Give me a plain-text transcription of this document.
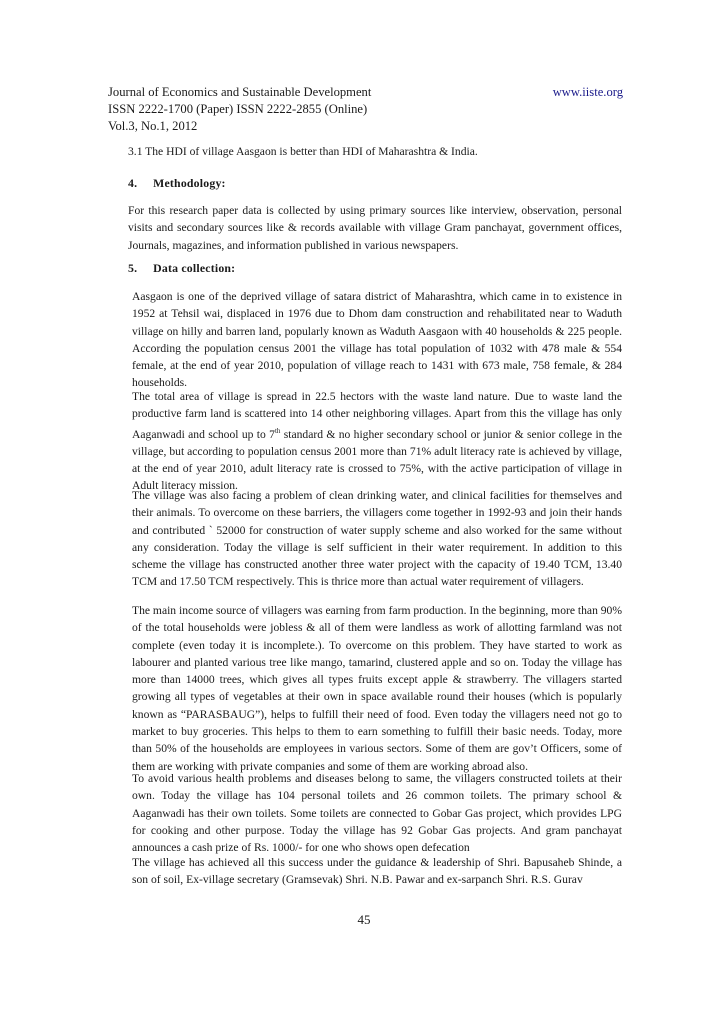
Journal of Economics and Sustainable Development	www.iiste.org
ISSN 2222-1700 (Paper) ISSN 2222-2855 (Online)
Vol.3, No.1, 2012
3.1 The HDI of village Aasgaon is better than HDI of Maharashtra & India.
4. Methodology:

For this research paper data is collected by using primary sources like interview, observation, personal visits and secondary sources like & records available with village Gram panchayat, government offices, Journals, magazines, and information published in various newspapers.

5. Data collection:

Aasgaon is one of the deprived village of satara district of Maharashtra, which came in to existence in 1952 at Tehsil wai, displaced in 1976 due to Dhom dam construction and rehabilitated near to Waduth village on hilly and barren land, popularly known as Waduth Aasgaon with 40 households & 225 people. According the population census 2001 the village has total population of 1032 with 478 male & 554 female, at the end of year 2010, population of village reach to 1431 with 673 male, 758 female, & 284 households.

The total area of village is spread in 22.5 hectors with the waste land nature. Due to waste land the productive farm land is scattered into 14 other neighboring villages. Apart from this the village has only Aaganwadi and school up to 7th standard & no higher secondary school or junior & senior college in the village, but according to population census 2001 more than 71% adult literacy rate is achieved by village, at the end of year 2010, adult literacy rate is crossed to 75%, with the active participation of village in Adult literacy mission.

The village was also facing a problem of clean drinking water, and clinical facilities for themselves and their animals. To overcome on these barriers, the villagers come together in 1992-93 and join their hands and contributed ` 52000 for construction of water supply scheme and also worked for the same without any consideration. Today the village is self sufficient in their water requirement. In addition to this scheme the village has constructed another three water project with the capacity of 19.40 TCM, 13.40 TCM and 17.50 TCM respectively. This is thrice more than actual water requirement of villagers.

The main income source of villagers was earning from farm production. In the beginning, more than 90% of the total households were jobless & all of them were landless as work of allotting farmland was not complete (even today it is incomplete.). To overcome on this problem. They have started to work as labourer and planted various tree like mango, tamarind, clustered apple and so on. Today the village has more than 14000 trees, which gives all types fruits except apple & strawberry. The villagers started growing all types of vegetables at their own in space available round their houses (which is popularly known as “PARASBAUG”), helps to fulfill their need of food. Even today the villagers need not go to market to buy groceries. This helps to them to earn something to fulfill their basic needs. Today, more than 50% of the households are employees in various sectors. Some of them are gov’t Officers, some of them are working with private companies and some of them are working abroad also.

To avoid various health problems and diseases belong to same, the villagers constructed toilets at their own. Today the village has 104 personal toilets and 26 common toilets. The primary school & Aaganwadi has their own toilets. Some toilets are connected to Gobar Gas project, which provides LPG for cooking and other purpose. Today the village has 92 Gobar Gas projects. And gram panchayat announces a cash prize of Rs. 1000/- for one who shows open defecation

The village has achieved all this success under the guidance & leadership of Shri. Bapusaheb Shinde, a son of soil, Ex-village secretary (Gramsevak) Shri. N.B. Pawar and ex-sarpanch Shri. R.S. Gurav

45
